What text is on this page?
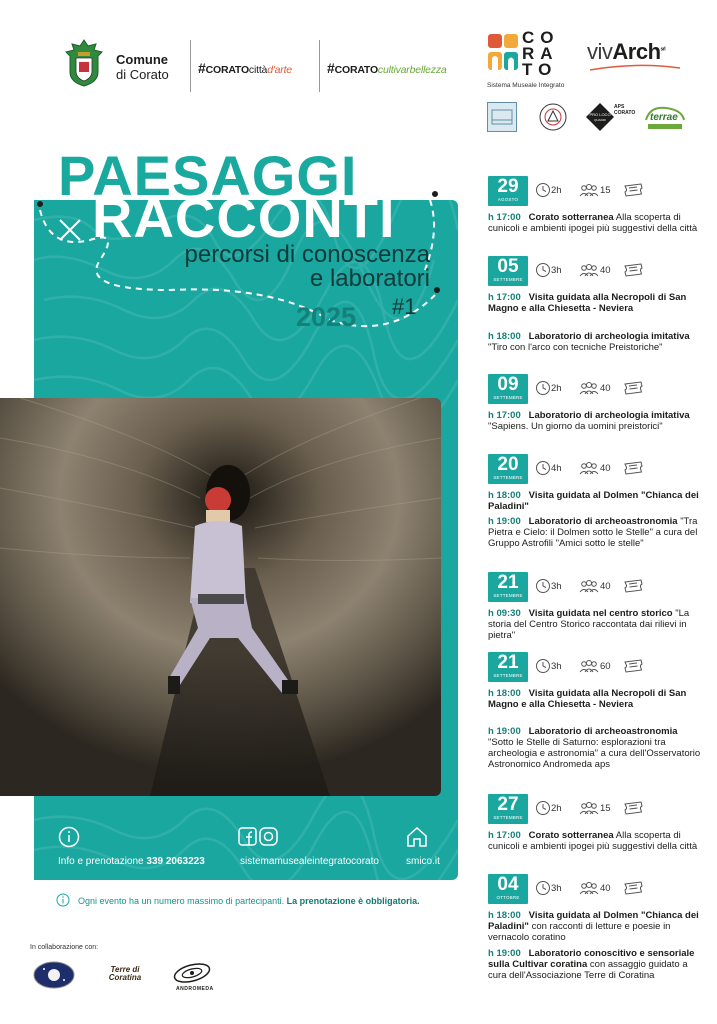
Comune
di Corato #CORATOcittàd'arte	#CORATOcultivarbellezza
CORATO
Sistema Museale Integrato
vivArch$^{srl}$
PRO LOCO
QUADRI
APS CORATO	terrae
PAESAGGI
RACCONTI
percorsi di conoscenza
e laboratori
2025 #1
Info e prenotazione 339 2063223	sistemamusealeintegratocorato	smico.it
Ogni evento ha un numero massimo di partecipanti. La prenotazione è obbligatoria.
In collaborazione con:
Terre di Coratina
ANDROMEDA
29
AGOSTO
2h	15
h 17:00 Corato sotterranea Alla scoperta di cunicoli e ambienti ipogei più suggestivi della città
05
SETTEMBRE
3h	40
h 17:00 Visita guidata alla Necropoli di San Magno e alla Chiesetta - Neviera
h 18:00 Laboratorio di archeologia imitativa "Tiro con l'arco con tecniche Preistoriche"
09
SETTEMBRE
2h	40
h 17:00 Laboratorio di archeologia imitativa "Sapiens. Un giorno da uomini preistorici"
20
SETTEMBRE
4h	40
h 18:00 Visita guidata al Dolmen "Chianca dei Paladini"
h 19:00 Laboratorio di archeoastronomia "Tra Pietra e Cielo: il Dolmen sotto le Stelle" a cura del Gruppo Astrofili "Amici sotto le stelle"
21
SETTEMBRE
3h	40
h 09:30 Visita guidata nel centro storico "La storia del Centro Storico raccontata dai rilievi in pietra"
21
SETTEMBRE
3h	60
h 18:00 Visita guidata alla Necropoli di San Magno e alla Chiesetta - Neviera
h 19:00 Laboratorio di archeoastronomia "Sotto le Stelle di Saturno: esplorazioni tra archeologia e astronomia" a cura dell'Osservatorio Astronomico Andromeda aps
27
SETTEMBRE
2h	15
h 17:00 Corato sotterranea Alla scoperta di cunicoli e ambienti ipogei più suggestivi della città
04
OTTOBRE
3h	40
h 18:00 Visita guidata al Dolmen "Chianca dei Paladini" con racconti di letture e poesie in vernacolo coratino
h 19:00 Laboratorio conoscitivo e sensoriale sulla Cultivar coratina con assaggio guidato a cura dell'Associazione Terre di Coratina
